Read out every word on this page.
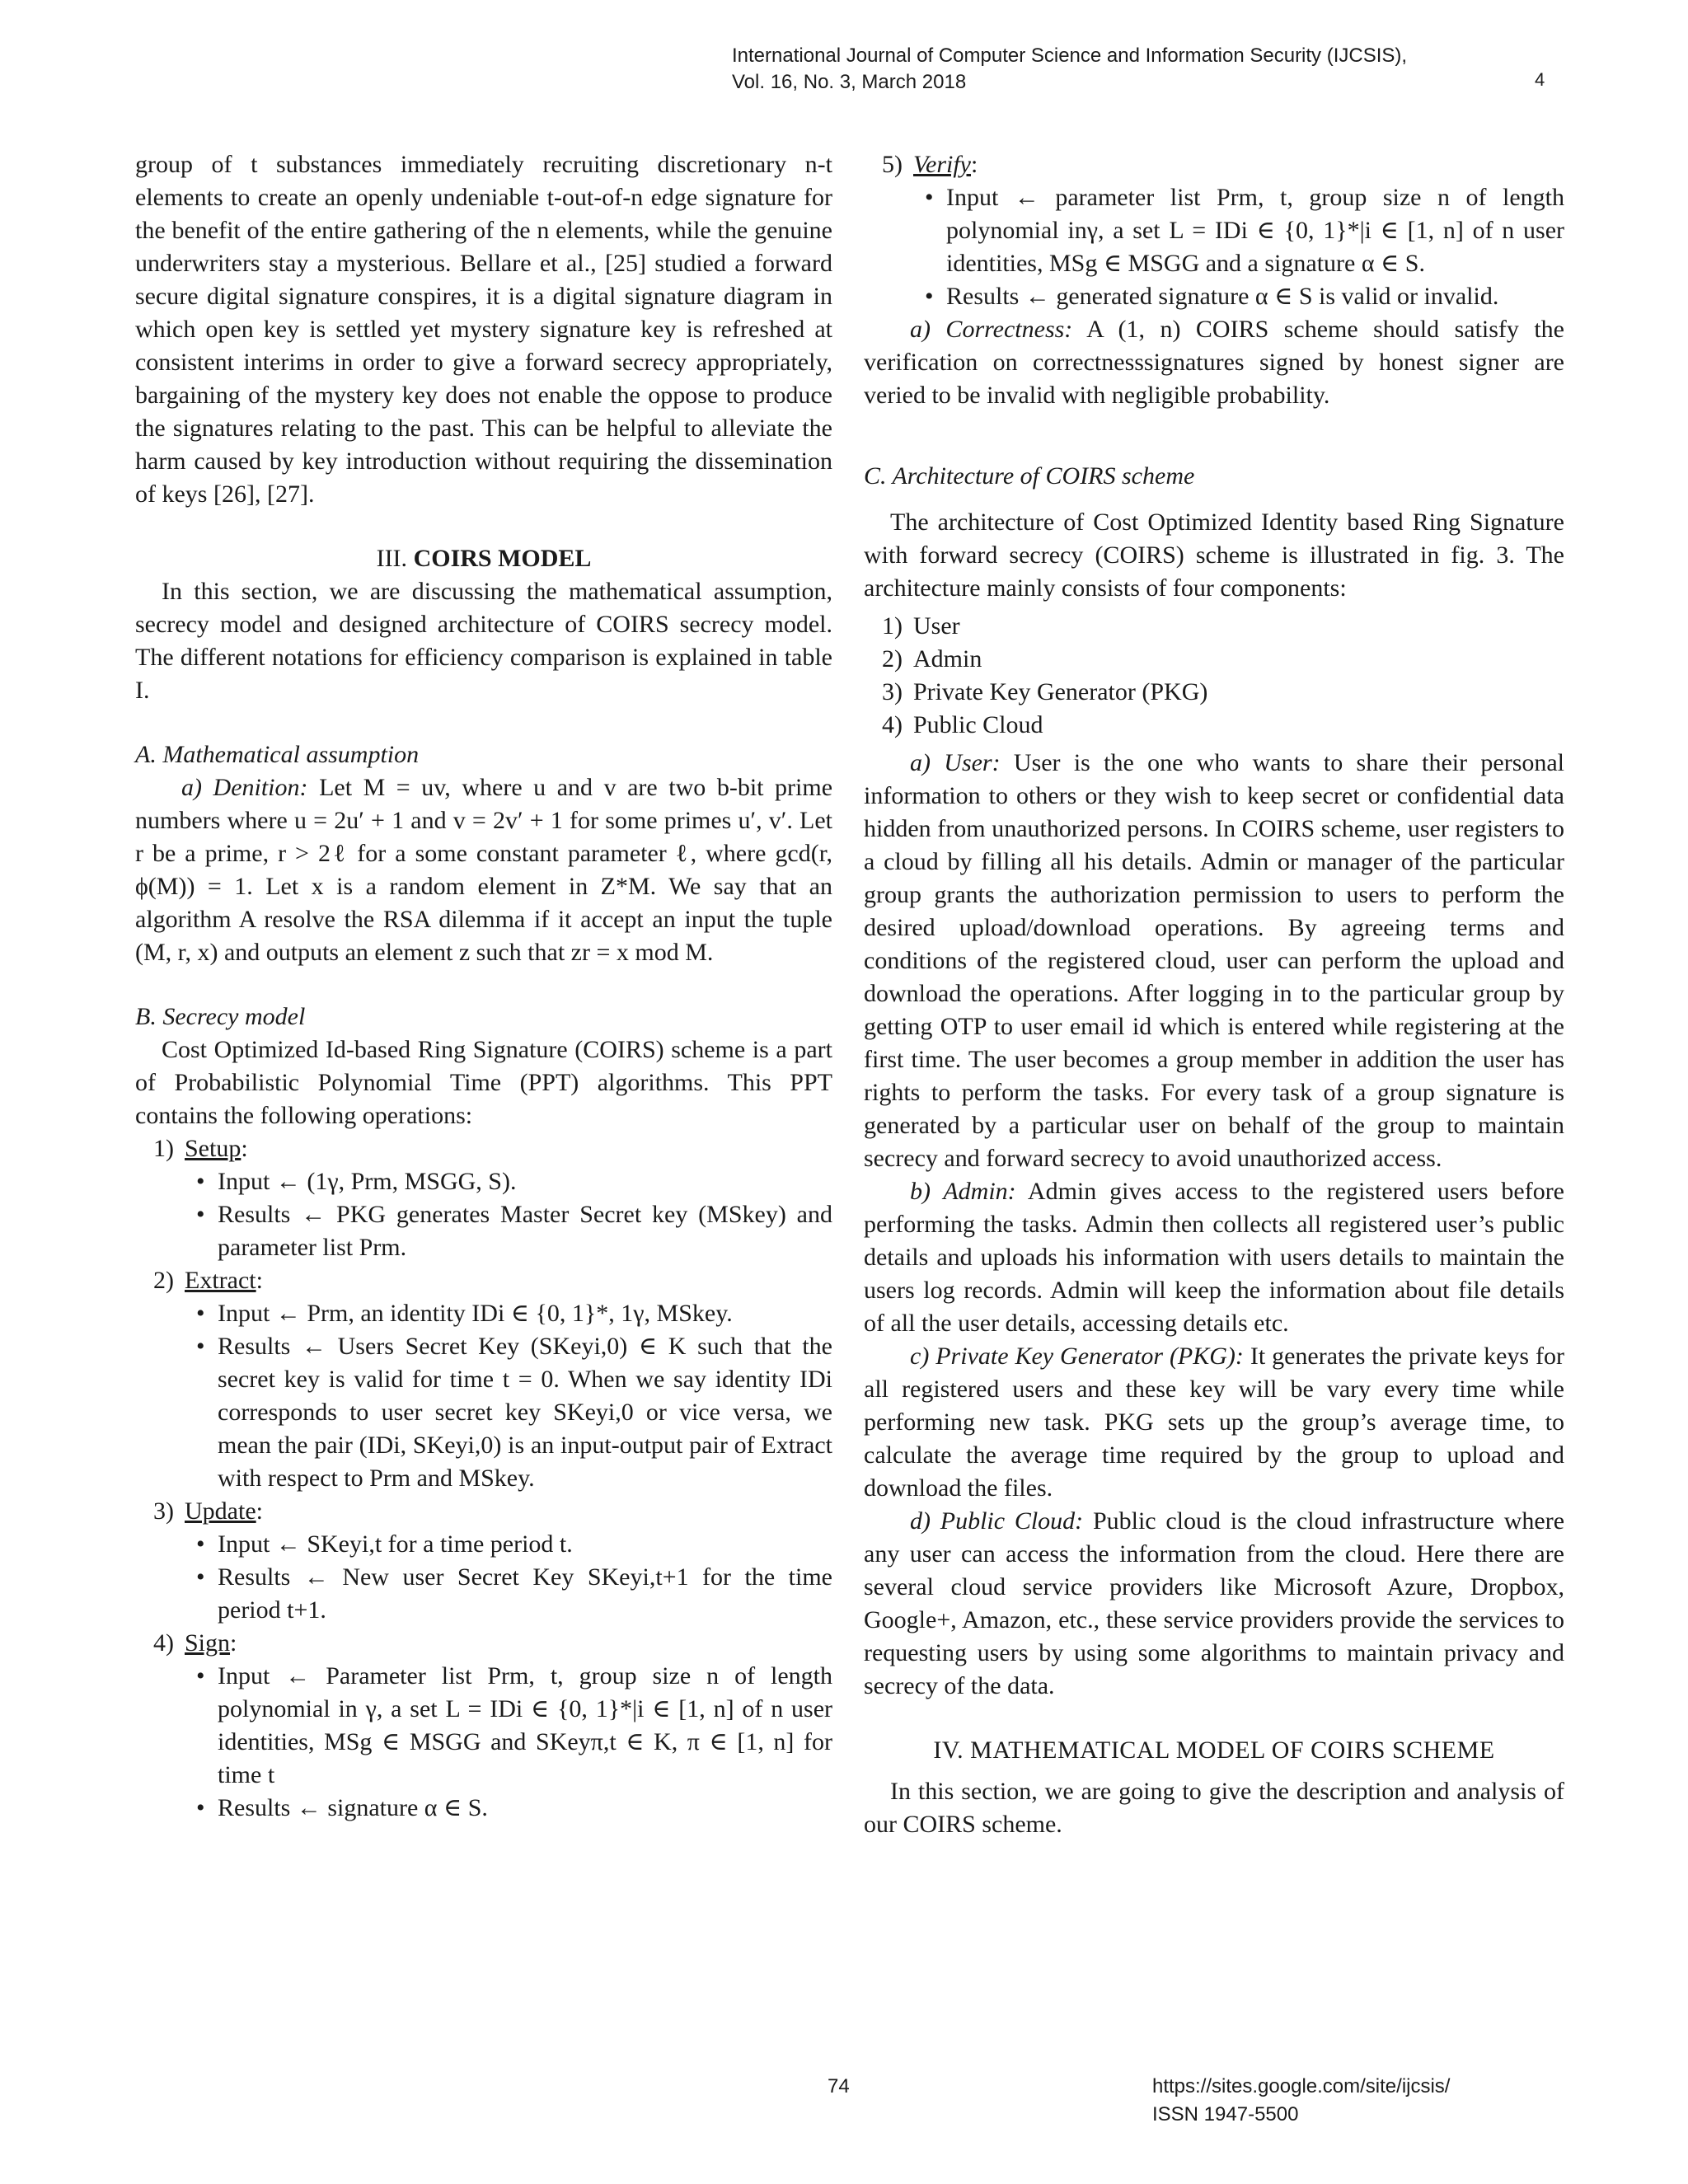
International Journal of Computer Science and Information Security (IJCSIS),
Vol. 16, No. 3, March 2018	4

group of t substances immediately recruiting discretionary n-t elements to create an openly undeniable t-out-of-n edge signature for the benefit of the entire gathering of the n elements, while the genuine underwriters stay a mysterious. Bellare et al., [25] studied a forward secure digital signature conspires, it is a digital signature diagram in which open key is settled yet mystery signature key is refreshed at consistent interims in order to give a forward secrecy appropriately, bargaining of the mystery key does not enable the oppose to produce the signatures relating to the past. This can be helpful to alleviate the harm caused by key introduction without requiring the dissemination of keys [26], [27].

III. COIRS MODEL

In this section, we are discussing the mathematical assumption, secrecy model and designed architecture of COIRS secrecy model. The different notations for efficiency comparison is explained in table I.

A. Mathematical assumption

a) Denition: Let M = uv, where u and v are two b-bit prime numbers where u = 2u′ + 1 and v = 2v′ + 1 for some primes u′, v′. Let r be a prime, r > 2ℓ for a some constant parameter ℓ, where gcd(r, ϕ(M)) = 1. Let x is a random element in Z*M. We say that an algorithm A resolve the RSA dilemma if it accept an input the tuple (M, r, x) and outputs an element z such that zr = x mod M.

B. Secrecy model

Cost Optimized Id-based Ring Signature (COIRS) scheme is a part of Probabilistic Polynomial Time (PPT) algorithms. This PPT contains the following operations:

1) Setup:

• Input ← (1γ, Prm, MSGG, S).

• Results ← PKG generates Master Secret key (MSkey) and parameter list Prm.

2) Extract:

• Input ← Prm, an identity IDi ∈ {0, 1}*, 1γ, MSkey.

• Results ← Users Secret Key (SKeyi,0) ∈ K such that the secret key is valid for time t = 0. When we say identity IDi corresponds to user secret key SKeyi,0 or vice versa, we mean the pair (IDi, SKeyi,0) is an input-output pair of Extract with respect to Prm and MSkey.

3) Update:

• Input ← SKeyi,t for a time period t.

• Results ← New user Secret Key SKeyi,t+1 for the time period t+1.

4) Sign:

• Input ← Parameter list Prm, t, group size n of length polynomial in γ, a set L = IDi ∈ {0, 1}*|i ∈ [1, n] of n user identities, MSg ∈ MSGG and SKeyπ,t ∈ K, π ∈ [1, n] for time t

• Results ← signature α ∈ S.

5) Verify:

• Input ← parameter list Prm, t, group size n of length polynomial inγ, a set L = IDi ∈ {0, 1}*|i ∈ [1, n] of n user identities, MSg ∈ MSGG and a signature α ∈ S.

• Results ← generated signature α ∈ S is valid or invalid.

a) Correctness: A (1, n) COIRS scheme should satisfy the verification on correctnesssignatures signed by honest signer are veried to be invalid with negligible probability.

C. Architecture of COIRS scheme

The architecture of Cost Optimized Identity based Ring Signature with forward secrecy (COIRS) scheme is illustrated in fig. 3. The architecture mainly consists of four components:

1) User

2) Admin

3) Private Key Generator (PKG)

4) Public Cloud

a) User: User is the one who wants to share their personal information to others or they wish to keep secret or confidential data hidden from unauthorized persons. In COIRS scheme, user registers to a cloud by filling all his details. Admin or manager of the particular group grants the authorization permission to users to perform the desired upload/download operations. By agreeing terms and conditions of the registered cloud, user can perform the upload and download the operations. After logging in to the particular group by getting OTP to user email id which is entered while registering at the first time. The user becomes a group member in addition the user has rights to perform the tasks. For every task of a group signature is generated by a particular user on behalf of the group to maintain secrecy and forward secrecy to avoid unauthorized access.

b) Admin: Admin gives access to the registered users before performing the tasks. Admin then collects all registered user’s public details and uploads his information with users details to maintain the users log records. Admin will keep the information about file details of all the user details, accessing details etc.

c) Private Key Generator (PKG): It generates the private keys for all registered users and these key will be vary every time while performing new task. PKG sets up the group’s average time, to calculate the average time required by the group to upload and download the files.

d) Public Cloud: Public cloud is the cloud infrastructure where any user can access the information from the cloud. Here there are several cloud service providers like Microsoft Azure, Dropbox, Google+, Amazon, etc., these service providers provide the services to requesting users by using some algorithms to maintain privacy and secrecy of the data.

IV. MATHEMATICAL MODEL OF COIRS SCHEME

In this section, we are going to give the description and analysis of our COIRS scheme.

74	https://sites.google.com/site/ijcsis/
ISSN 1947-5500
